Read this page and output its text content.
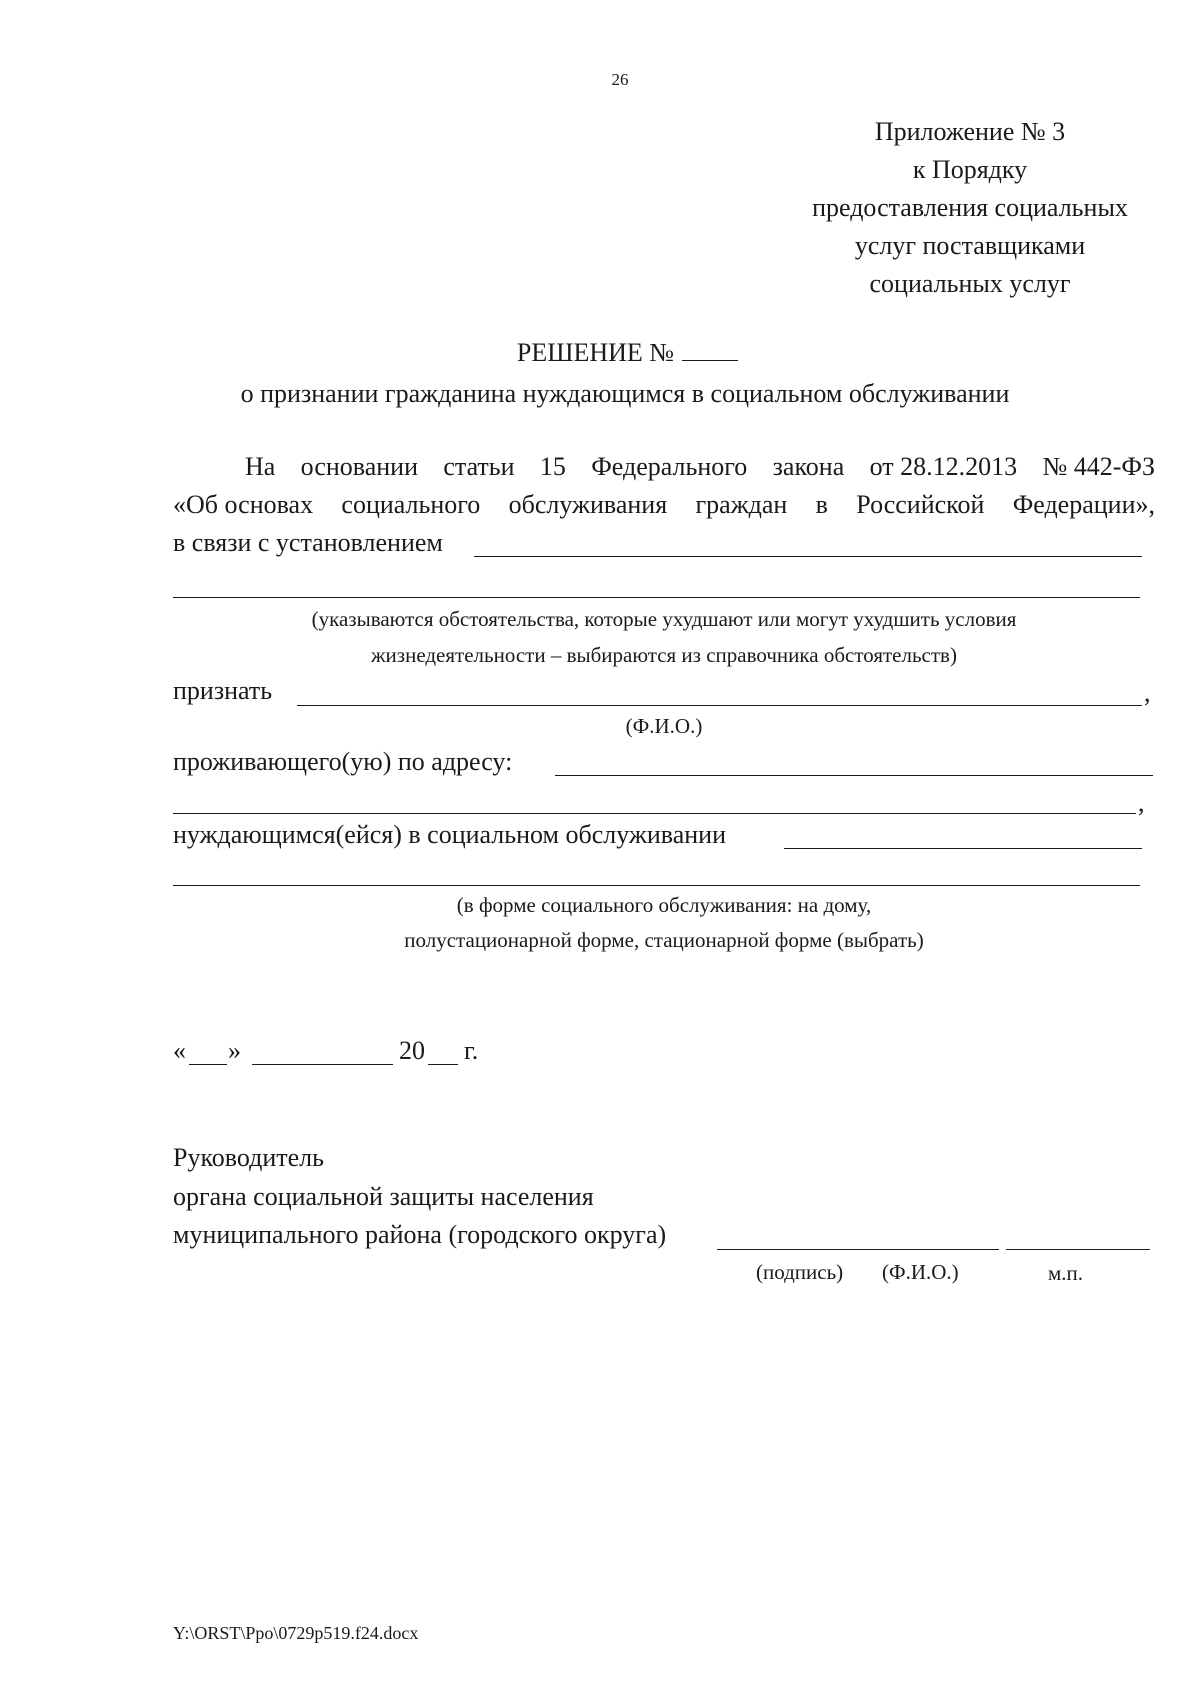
26
Приложение № 3
к Порядку
предоставления социальных
услуг поставщиками
социальных услуг
РЕШЕНИЕ №
о признании гражданина нуждающимся в социальном обслуживании
На основании статьи 15 Федерального закона от 28.12.2013 № 442-ФЗ
«Об основах социального обслуживания граждан в Российской Федерации»,
в связи с установлением
(указываются обстоятельства, которые ухудшают или могут ухудшить условия
жизнедеятельности – выбираются из справочника обстоятельств)
признать	,
(Ф.И.О.)
проживающего(ую) по адресу:
,
нуждающимся(ейся) в социальном обслуживании
(в форме социального обслуживания: на дому,
полустационарной форме, стационарной форме (выбрать)
« »	20 г.
Руководитель
органа социальной защиты населения
муниципального района (городского округа)
(подпись) (Ф.И.О.)	м.п.
Y:\ORST\Ppo\0729p519.f24.docx
